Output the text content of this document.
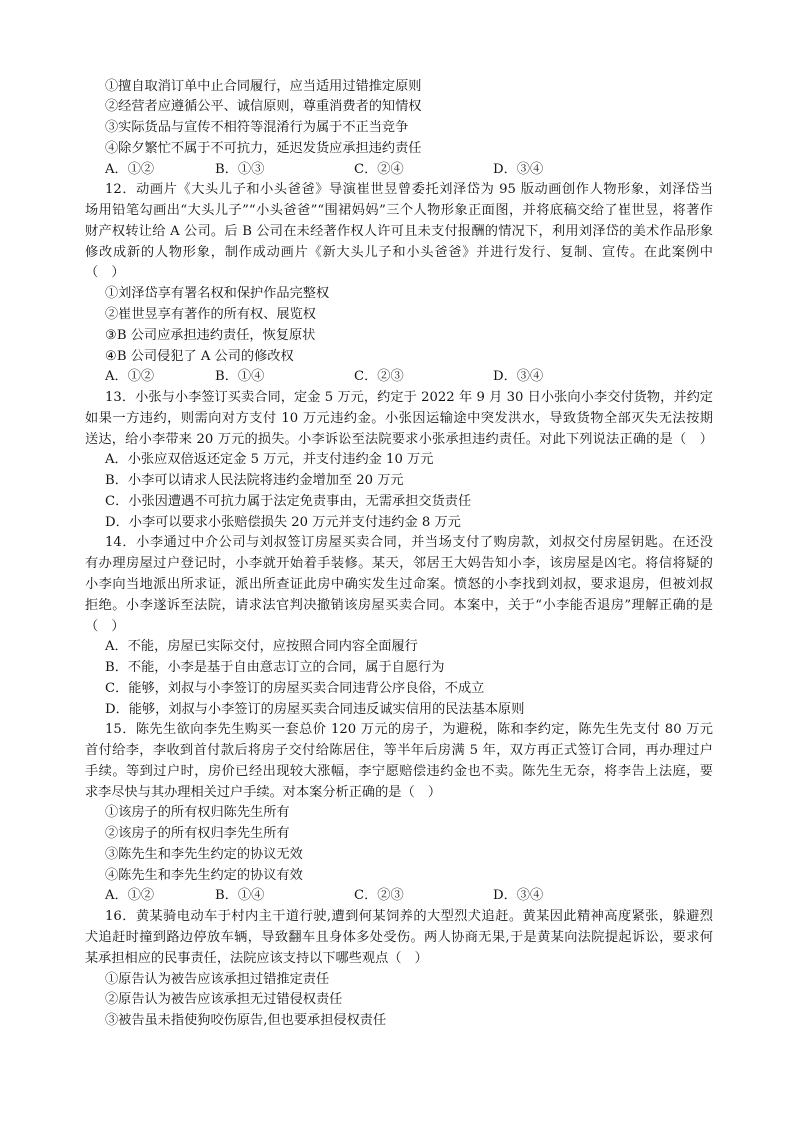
①擅自取消订单中止合同履行，应当适用过错推定原则
②经营者应遵循公平、诚信原则，尊重消费者的知情权
③实际货品与宣传不相符等混淆行为属于不正当竞争
④除夕繁忙不属于不可抗力，延迟发货应承担违约责任
A．①②	B．①③	C．②④	D．③④
12．动画片《大头儿子和小头爸爸》导演崔世昱曾委托刘泽岱为 95 版动画创作人物形象，刘泽岱当
场用铅笔勾画出“大头儿子”“小头爸爸”“围裙妈妈”三个人物形象正面图，并将底稿交给了崔世昱，将著作
财产权转让给 A 公司。后 B 公司在未经著作权人许可且未支付报酬的情况下，利用刘泽岱的美术作品形象
修改成新的人物形象，制作成动画片《新大头儿子和小头爸爸》并进行发行、复制、宣传。在此案例中
（　）
①刘泽岱享有署名权和保护作品完整权
②崔世昱享有著作的所有权、展览权
③B 公司应承担违约责任，恢复原状
④B 公司侵犯了 A 公司的修改权
A．①②	B．①④	C．②③	D．③④
13．小张与小李签订买卖合同，定金 5 万元，约定于 2022 年 9 月 30 日小张向小李交付货物，并约定
如果一方违约，则需向对方支付 10 万元违约金。小张因运输途中突发洪水，导致货物全部灭失无法按期
送达，给小李带来 20 万元的损失。小李诉讼至法院要求小张承担违约责任。对此下列说法正确的是（　）
A．小张应双倍返还定金 5 万元，并支付违约金 10 万元
B．小李可以请求人民法院将违约金增加至 20 万元
C．小张因遭遇不可抗力属于法定免责事由，无需承担交货责任
D．小李可以要求小张赔偿损失 20 万元并支付违约金 8 万元
14．小李通过中介公司与刘叔签订房屋买卖合同，并当场支付了购房款，刘叔交付房屋钥匙。在还没
有办理房屋过户登记时，小李就开始着手装修。某天，邻居王大妈告知小李，该房屋是凶宅。将信将疑的
小李向当地派出所求证，派出所查证此房中确实发生过命案。愤怒的小李找到刘叔，要求退房，但被刘叔
拒绝。小李遂诉至法院，请求法官判决撤销该房屋买卖合同。本案中，关于“小李能否退房”理解正确的是
（　）
A．不能，房屋已实际交付，应按照合同内容全面履行
B．不能，小李是基于自由意志订立的合同，属于自愿行为
C．能够，刘叔与小李签订的房屋买卖合同违背公序良俗，不成立
D．能够，刘叔与小李签订的房屋买卖合同违反诚实信用的民法基本原则
15．陈先生欲向李先生购买一套总价 120 万元的房子，为避税，陈和李约定，陈先生先支付 80 万元
首付给李，李收到首付款后将房子交付给陈居住，等半年后房满 5 年，双方再正式签订合同，再办理过户
手续。等到过户时，房价已经出现较大涨幅，李宁愿赔偿违约金也不卖。陈先生无奈，将李告上法庭，要
求李尽快与其办理相关过户手续。对本案分析正确的是（　）
①该房子的所有权归陈先生所有
②该房子的所有权归李先生所有
③陈先生和李先生约定的协议无效
④陈先生和李先生约定的协议有效
A．①②	B．①④	C．②③	D．③④
16．黄某骑电动车于村内主干道行驶,遭到何某饲养的大型烈犬追赶。黄某因此精神高度紧张，躲避烈
犬追赶时撞到路边停放车辆，导致翻车且身体多处受伤。两人协商无果,于是黄某向法院提起诉讼，要求何
某承担相应的民事责任，法院应该支持以下哪些观点（　）
①原告认为被告应该承担过错推定责任
②原告认为被告应该承担无过错侵权责任
③被告虽未指使狗咬伤原告,但也要承担侵权责任
